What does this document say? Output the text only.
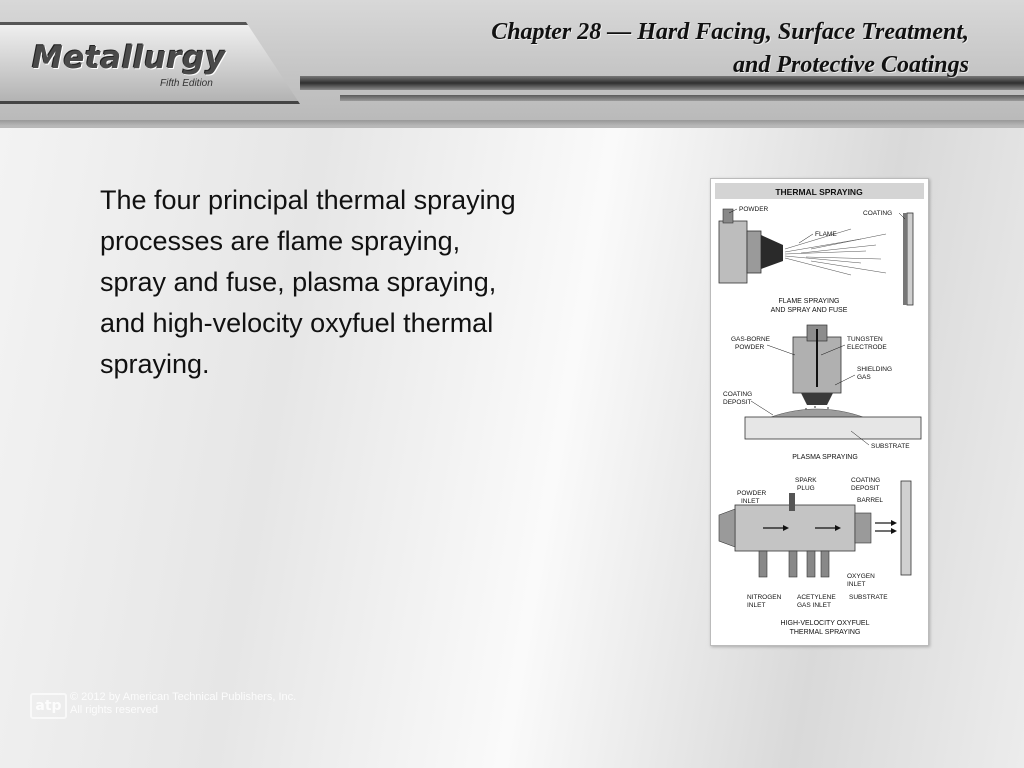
Metallurgy
Fifth Edition
Chapter 28 — Hard Facing, Surface Treatment,
and Protective Coatings
The four principal thermal spraying processes are flame spraying, spray and fuse, plasma spraying, and high-velocity oxyfuel thermal spraying.
THERMAL SPRAYING
POWDER
COATING
FLAME
FLAME SPRAYING
AND SPRAY AND FUSE
GAS-BORNE
POWDER
TUNGSTEN
ELECTRODE
SHIELDING
GAS
COATING
DEPOSIT
SUBSTRATE
PLASMA SPRAYING
SPARK
PLUG
COATING
DEPOSIT
POWDER
INLET	BARREL
OXYGEN
INLET
NITROGEN
INLET
ACETYLENE
GAS INLET
SUBSTRATE
HIGH-VELOCITY OXYFUEL
THERMAL SPRAYING
atp
© 2012 by American Technical Publishers, Inc.
All rights reserved
